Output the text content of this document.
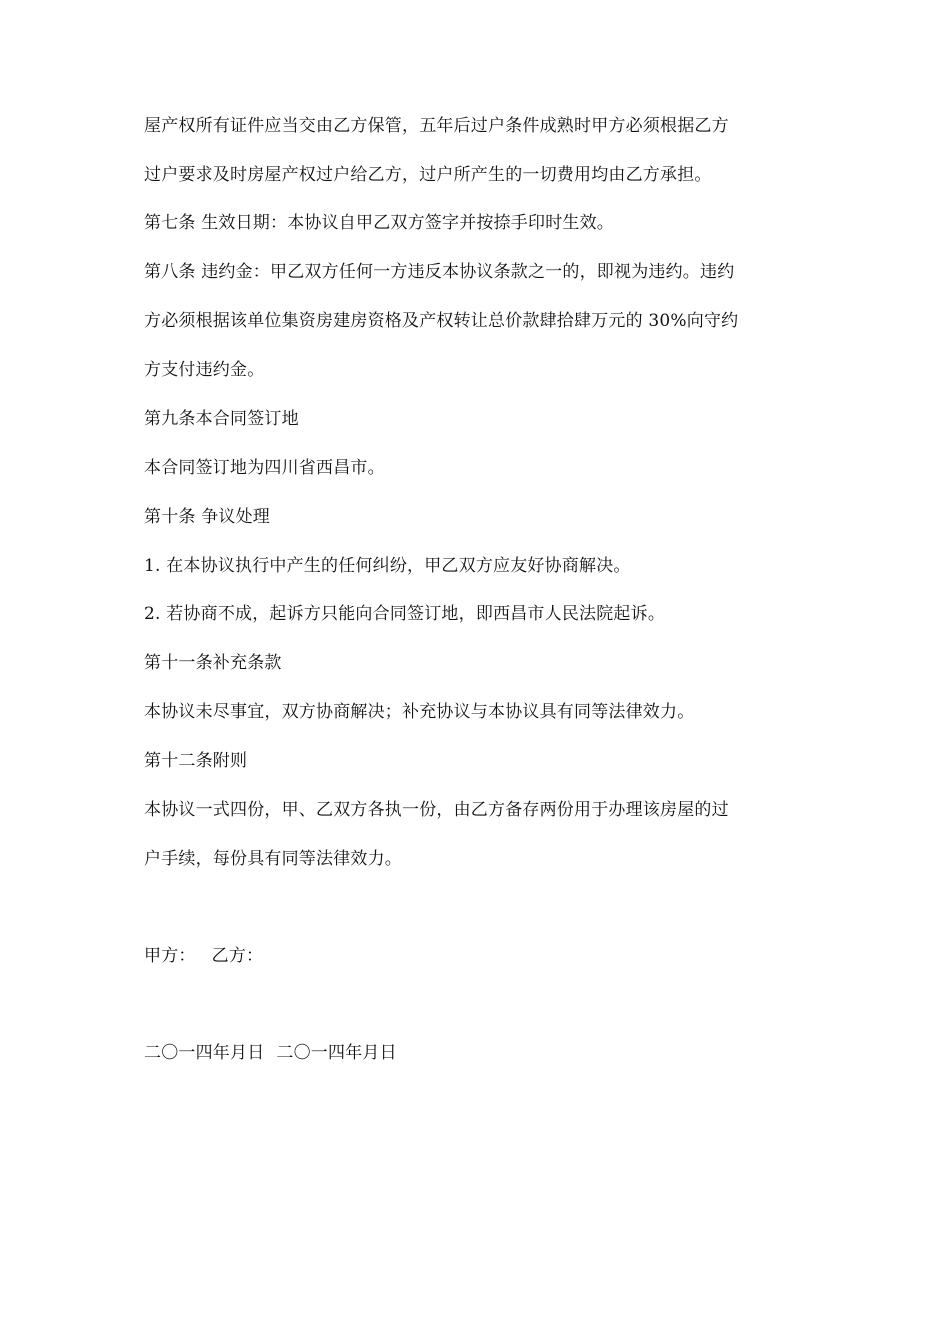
屋产权所有证件应当交由乙方保管，五年后过户条件成熟时甲方必须根据乙方
过户要求及时房屋产权过户给乙方，过户所产生的一切费用均由乙方承担。
第七条 生效日期：本协议自甲乙双方签字并按捺手印时生效。
第八条 违约金：甲乙双方任何一方违反本协议条款之一的，即视为违约。违约
方必须根据该单位集资房建房资格及产权转让总价款肆拾肆万元的 30%向守约
方支付违约金。
第九条本合同签订地
本合同签订地为四川省西昌市。
第十条 争议处理
1. 在本协议执行中产生的任何纠纷，甲乙双方应友好协商解决。
2. 若协商不成，起诉方只能向合同签订地，即西昌市人民法院起诉。
第十一条补充条款
本协议未尽事宜，双方协商解决；补充协议与本协议具有同等法律效力。
第十二条附则
本协议一式四份，甲、乙双方各执一份，由乙方备存两份用于办理该房屋的过
户手续，每份具有同等法律效力。
甲方： 乙方：
二〇一四年月日 二〇一四年月日
